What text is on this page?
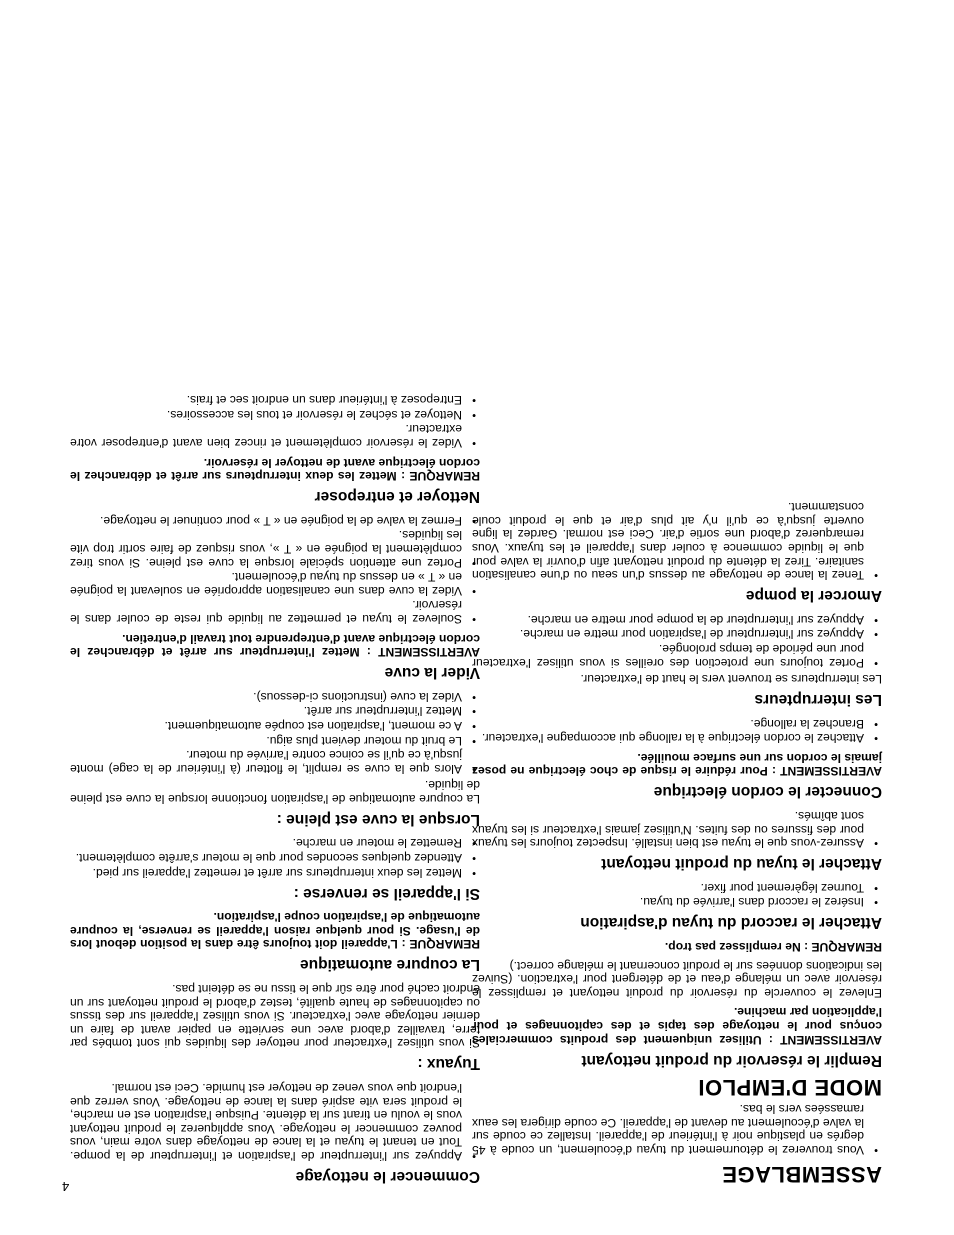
ASSEMBLAGE
• Vous trouverez le détournement du tuyau d'écoulement, un coude à 45 degrés en plastique noir à l'intérieur de l'appareil. Installez ce coude sur la valve d'écoulement au devant de l'appareil. Ce coude dirigera les eaux ramassées vers le bas.
MODE D'EMPLOI
Remplir le réservoir du produit nettoyant
AVERTISSEMENT : Utilisez uniquement des produits commerciales conçus pour le nettoyage des tapis et des capitonnages et pour l'application par machine.
Enlevez le couvercle du réservoir du produit nettoyant et remplissez le réservoir avec un mélange d'eau et de détergent pour l'extraction. (Suivez les indications données sur le produit concernant le mélange correct.)
REMARQUE : Ne remplissez pas trop.
Attacher le raccord du tuyau d'aspiration
• Insérez le raccord dans l'arrivée du tuyau.
• Tournez légèrement pour fixer.
Attacher le tuyau du produit nettoyant
• Assurez-vous que le tuyau est bien installé. Inspectez toujours les tuyaux pour des fissures ou des fuites. N'utilisez jamais l'extracteur si les tuyaux sont abîmés.
Connecter le cordon électrique
AVERTISSEMENT : Pour réduire le risque de choc électrique ne posez jamais le cordon sur une surface mouillée.
• Attachez le cordon électrique à la rallonge qui accompagne l'extracteur.
• Branchez la rallonge.
Les interrupteurs
Les interrupteurs se trouvent vers le haut de l'extracteur.
• Portez toujours une protection des oreilles si vous utilisez l'extracteur pour une période de temps prolongée.
• Appuyez sur l'interrupteur de l'aspiration pour mettre en marche.
• Appuyez sur l'interrupteur de la pompe pour mettre en marche.
Amorcer la pompe
• Tenez la lance de nettoyage au dessus d'un seau ou d'une canalisation sanitaire. Tirez la détente du produit nettoyant afin d'ouvrir la valve pour que le liquide commence à couler dans l'appareil et les tuyaux. Vous remarquerez d'abord une sortie d'air. Ceci est normal. Gardez la ligne ouverte jusqu'à ce qu'il n'y ait plus d'air et que le produit coule constamment.
Commencer le nettoyage
• Appuyez sur l'interrupteur de l'aspiration et l'interrupteur de la pompe. Tout en tenant le tuyau et la lance de nettoyage dans votre main, vous pouvez commencer le nettoyage. Vous appliquerez le produit nettoyant vous le voulu en tirant sur la détente. Puisque l'aspiration est en marche, le produit sera vite aspiré dans la lance de nettoyage. Vous verrez que l'endroit que vous venez de nettoyer est humide. Ceci est normal.
Tuyaux :
Si vous utilisez l'extracteur pour nettoyer des liquides qui sont tombés par terre, travaillez d'abord avec une serviette en papier avant de faire un dernier nettoyage avec l'extracteur. Si vous utilisez l'appareil sur des tissus ou capitonnages de haute qualité, testez d'abord le produit nettoyant sur un endroit caché pour être sûr que le tissu ne se déteint pas.
La coupure automatique
REMARQUE : L'appareil doit toujours être dans la position debout lors de l'usage. Si pour quelque raison l'appareil se renverse, la coupure automatique de l'aspiration coupe l'aspiration.
Si l'appareil se renverse :
• Mettez les deux interrupteurs sur arrêt et remettez l'appareil sur pied.
• Attendez quelques secondes pour que le moteur s'arrête complètement.
• Remettez le moteur en marche.
Lorsque la cuve est pleine :
La coupure automatique de l'aspiration fonctionne lorsque la cuve est pleine de liquide.
• Alors que la cuve se remplit, le flotteur (à l'intérieur de la cage) monte jusqu'à ce qu'il se coince contre l'arrivée du moteur.
• Le bruit du moteur devient plus aigu.
• A ce moment, l'aspiration est coupée automatiquement.
• Mettez l'interrupteur sur arrêt.
• Videz la cuve (instructions ci-dessous).
Vider la cuve
AVERTISSEMENT : Mettez l'interrupteur sur arrêt et débranchez le cordon électrique avant d'entreprendre tout travail d'entretien.
• Soulevez le tuyau et permettez au liquide qui reste de couler dans le réservoir.
• Videz la cuve dans une canalisation appropriée en soulevant la poignée en « T » en dessus du tuyau d'écoulement.
• Portez une attention spéciale lorsque la cuve est pleine. Si vous tirez complètement la poignée en « T », vous risquez de faire sortir trop vite les liquides.
• Fermez la valve de la poignée en « T » pour continuer le nettoyage.
Nettoyer et entreposer
REMARQUE : Mettez les deux interrupteurs sur arrêt et débranchez le cordon électrique avant de nettoyer le réservoir.
• Videz le réservoir complètement et rincez bien avant d'entreposer votre extracteur.
• Nettoyez et séchez le réservoir et tous les accessoires.
• Entreposez à l'intérieur dans un endroit sec et frais.
4
